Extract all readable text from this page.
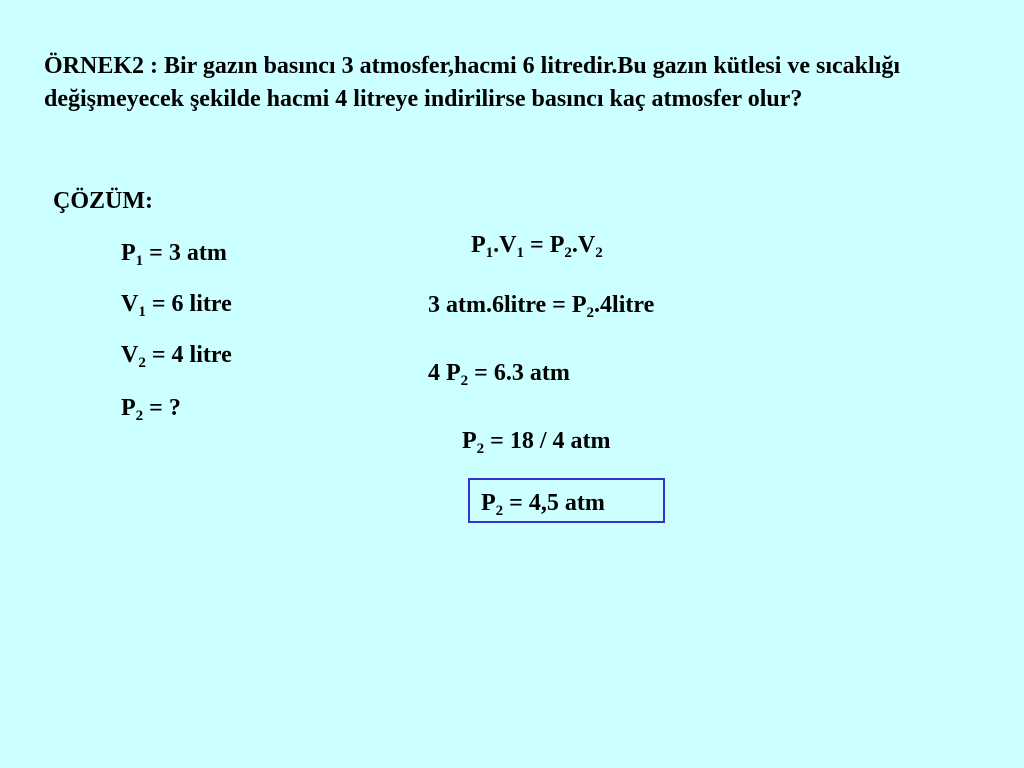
ÖRNEK2 : Bir gazın basıncı 3 atmosfer,hacmi 6 litredir.Bu gazın kütlesi ve sıcaklığı değişmeyecek şekilde hacmi 4 litreye indirilirse basıncı kaç atmosfer olur?
ÇÖZÜM:
$P_1 = 3$ atm
$V_1 = 6$ litre
$V_2 = 4$ litre
$P_2$ = ?
$P_1.V_1 = P_2.V_2$
3 atm.6litre = $P_2.4litre$
4 $P_2 = 6.3$ atm
$P_2 = 18 / 4$ atm
$P_2 = 4,5$ atm
